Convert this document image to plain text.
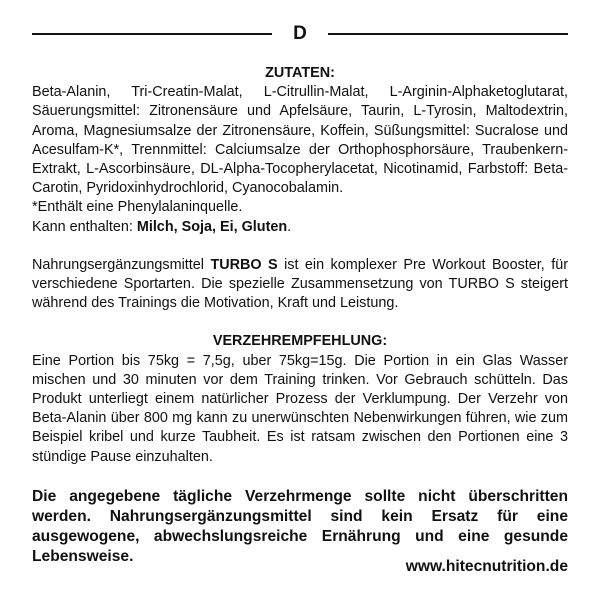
D
ZUTATEN:

Beta-Alanin, Tri-Creatin-Malat, L-Citrullin-Malat, L-Arginin-Alphaketoglutarat, Säuerungsmittel: Zitronensäure und Apfelsäure, Taurin, L-Tyrosin, Maltodextrin, Aroma, Magnesiumsalze der Zitronensäure, Koffein, Süßungsmittel: Sucralose und Acesulfam-K*, Trennmittel: Calciumsalze der Orthophosphorsäure, Traubenkern-Extrakt, L-Ascorbinsäure, DL-Alpha-Tocopherylacetat, Nicotinamid, Farbstoff: Beta-Carotin, Pyridoxinhydrochlorid, Cyanocobalamin.

*Enthält eine Phenylalaninquelle.

Kann enthalten: Milch, Soja, Ei, Gluten.

Nahrungsergänzungsmittel TURBO S ist ein komplexer Pre Workout Booster, für verschiedene Sportarten. Die spezielle Zusammensetzung von TURBO S steigert während des Trainings die Motivation, Kraft und Leistung.

VERZEHREMPFEHLUNG:

Eine Portion bis 75kg = 7,5g, uber 75kg=15g. Die Portion in ein Glas Wasser mischen und 30 minuten vor dem Training trinken. Vor Gebrauch schütteln. Das Produkt unterliegt einem natürlicher Prozess der Verklumpung. Der Verzehr von Beta-Alanin über 800 mg kann zu unerwünschten Nebenwirkungen führen, wie zum Beispiel kribel und kurze Taubheit. Es ist ratsam zwischen den Portionen eine 3 stündige Pause einzuhalten.

Die angegebene tägliche Verzehrmenge sollte nicht überschritten werden. Nahrungsergänzungsmittel sind kein Ersatz für eine ausgewogene, abwechslungsreiche Ernährung und eine gesunde Lebensweise.

www.hitecnutrition.de
